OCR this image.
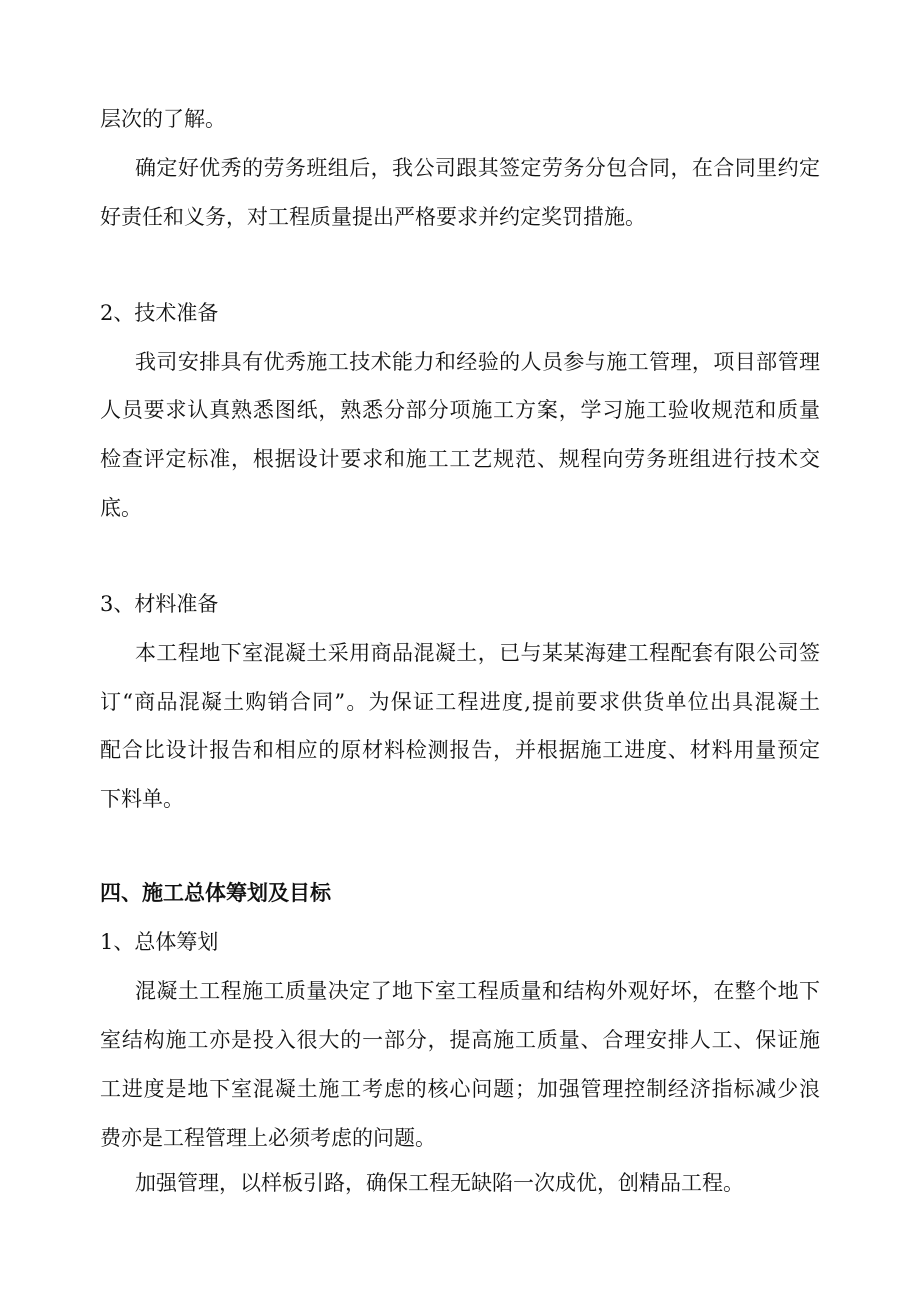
层次的了解。

确定好优秀的劳务班组后，我公司跟其签定劳务分包合同，在合同里约定

好责任和义务，对工程质量提出严格要求并约定奖罚措施。

2、技术准备

我司安排具有优秀施工技术能力和经验的人员参与施工管理，项目部管理

人员要求认真熟悉图纸，熟悉分部分项施工方案，学习施工验收规范和质量

检查评定标准，根据设计要求和施工工艺规范、规程向劳务班组进行技术交

底。

3、材料准备

本工程地下室混凝土采用商品混凝土，已与某某海建工程配套有限公司签

订“商品混凝土购销合同”。为保证工程进度,提前要求供货单位出具混凝土

配合比设计报告和相应的原材料检测报告，并根据施工进度、材料用量预定

下料单。

四、施工总体筹划及目标

1、总体筹划

混凝土工程施工质量决定了地下室工程质量和结构外观好坏，在整个地下

室结构施工亦是投入很大的一部分，提高施工质量、合理安排人工、保证施

工进度是地下室混凝土施工考虑的核心问题；加强管理控制经济指标减少浪

费亦是工程管理上必须考虑的问题。

加强管理，以样板引路，确保工程无缺陷一次成优，创精品工程。
